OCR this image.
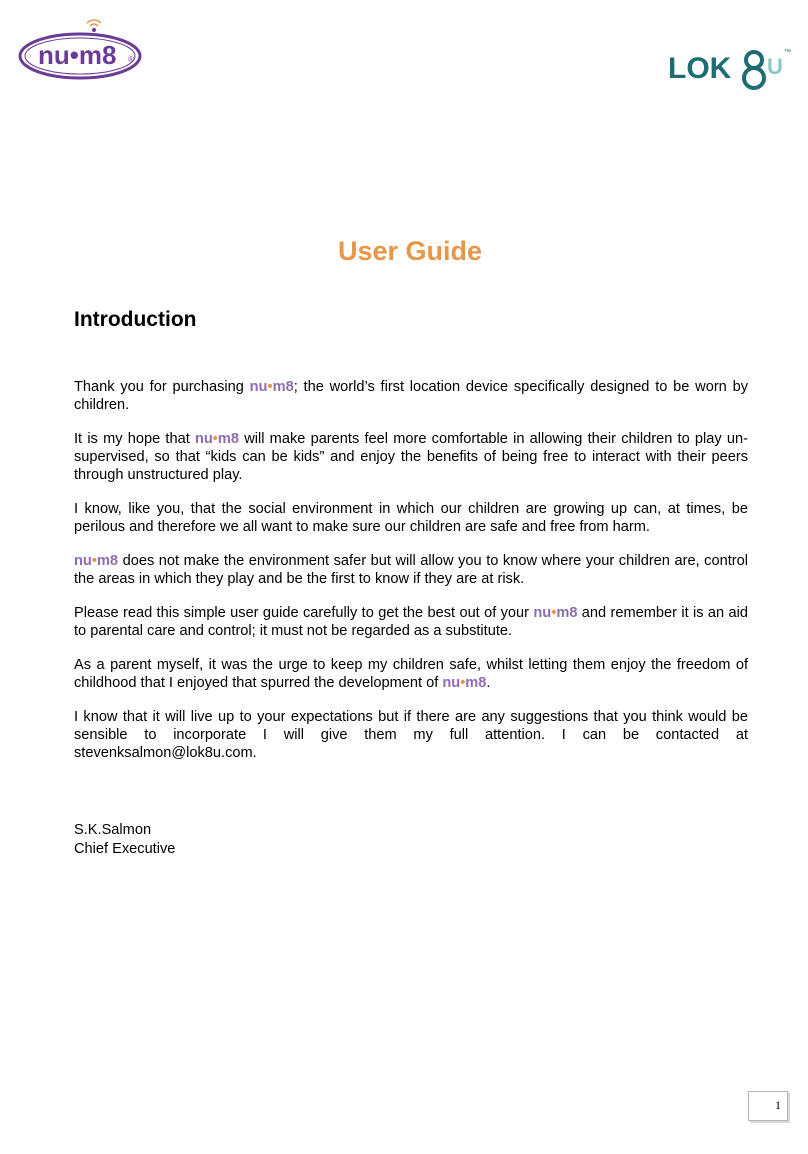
nu•m8 ®	LOK U
™
User Guide
Introduction

Thank you for purchasing nu•m8; the world’s first location device specifically designed to be worn by children.

It is my hope that nu•m8 will make parents feel more comfortable in allowing their children to play un-supervised, so that “kids can be kids” and enjoy the benefits of being free to interact with their peers through unstructured play.

I know, like you, that the social environment in which our children are growing up can, at times, be perilous and therefore we all want to make sure our children are safe and free from harm.

nu•m8 does not make the environment safer but will allow you to know where your children are, control the areas in which they play and be the first to know if they are at risk.

Please read this simple user guide carefully to get the best out of your nu•m8 and remember it is an aid to parental care and control; it must not be regarded as a substitute.

As a parent myself, it was the urge to keep my children safe, whilst letting them enjoy the freedom of childhood that I enjoyed that spurred the development of nu•m8.

I know that it will live up to your expectations but if there are any suggestions that you think would be sensible to incorporate I will give them my full attention. I can be contacted at stevenksalmon@lok8u.com.

S.K.Salmon
Chief Executive
1
